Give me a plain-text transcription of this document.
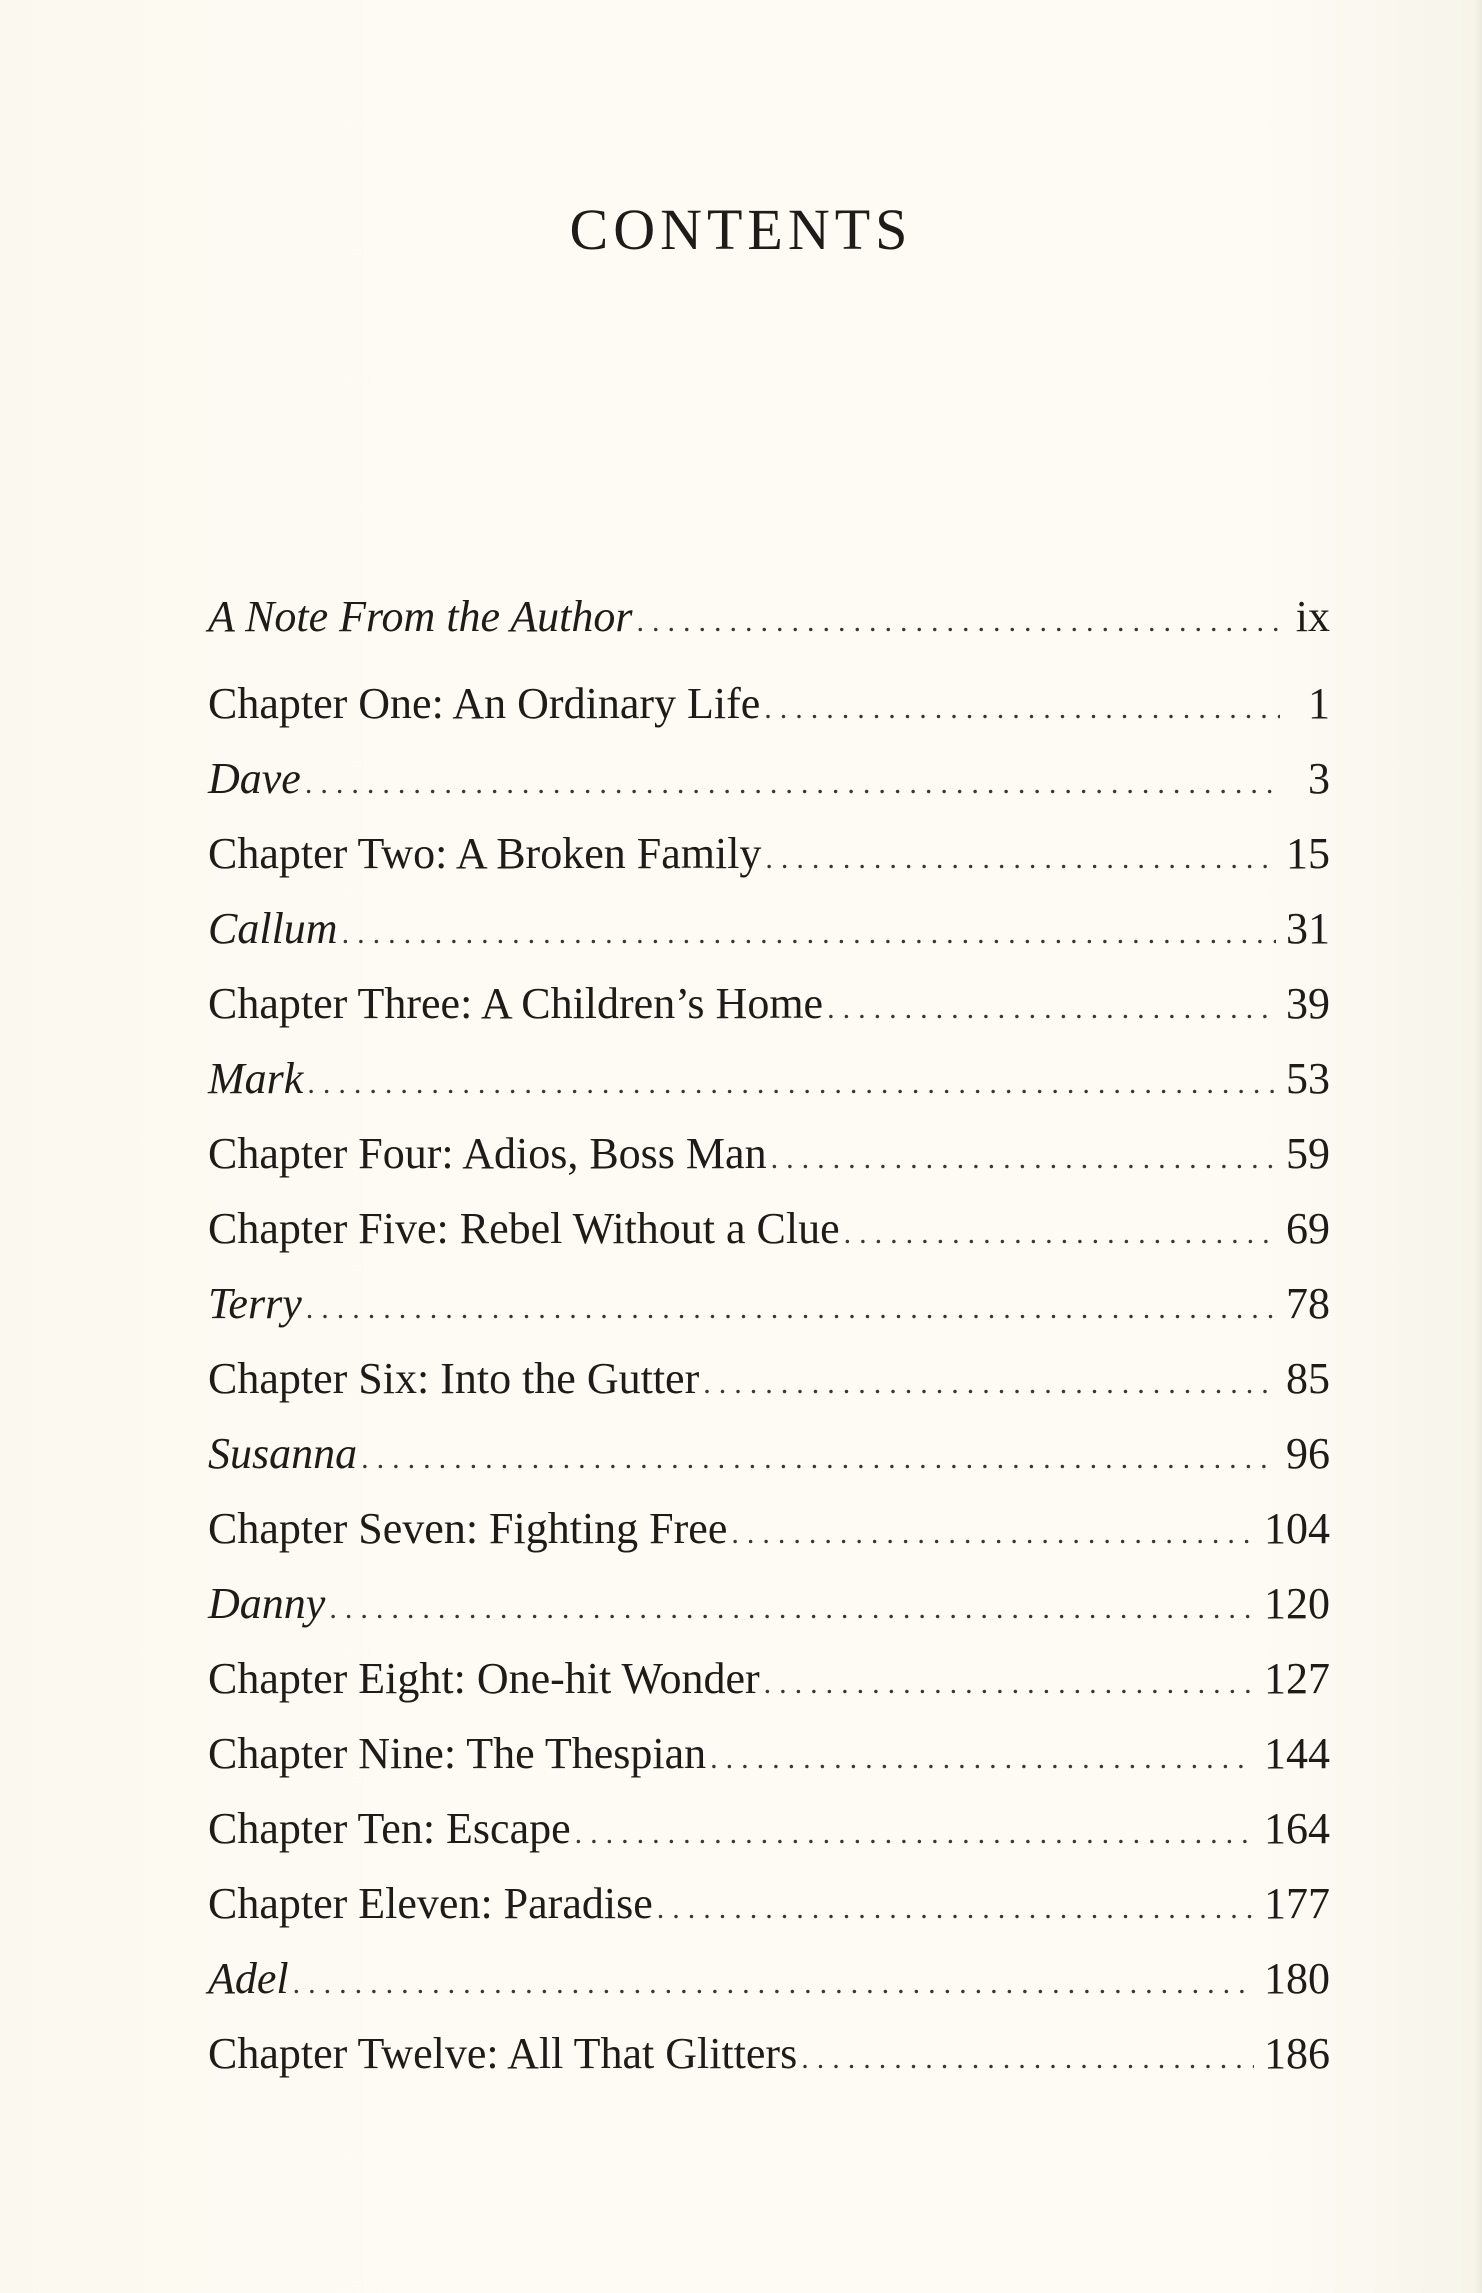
CONTENTS
A Note From the Author .....	ix
Chapter One: An Ordinary Life .....	1
Dave .....	3
Chapter Two: A Broken Family .....	15
Callum .....	31
Chapter Three: A Children’s Home .....	39
Mark .....	53
Chapter Four: Adios, Boss Man .....	59
Chapter Five: Rebel Without a Clue .....	69
Terry .....	78
Chapter Six: Into the Gutter .....	85
Susanna .....	96
Chapter Seven: Fighting Free .....	104
Danny .....	120
Chapter Eight: One-hit Wonder .....	127
Chapter Nine: The Thespian .....	144
Chapter Ten: Escape .....	164
Chapter Eleven: Paradise .....	177
Adel .....	180
Chapter Twelve: All That Glitters .....	186
